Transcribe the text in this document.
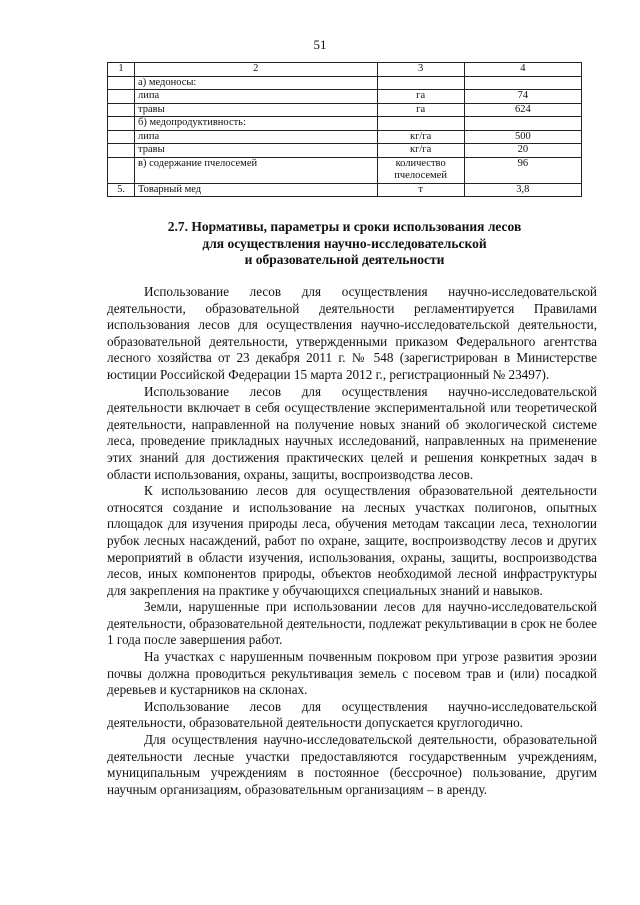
51
1	2	3	4
	а) медоносы:		
	липа	га	74
	травы	га	624
	б) медопродуктивность:		
	липа	кг/га	500
	травы	кг/га	20
	в) содержание пчелосемей	количество пчелосемей	96
5.	Товарный мед	т	3,8
2.7. Нормативы, параметры и сроки использования лесов
для осуществления научно-исследовательской
и образовательной деятельности

Использование лесов для осуществления научно-исследовательской деятельности, образовательной деятельности регламентируется Правилами использования лесов для осуществления научно-исследовательской деятельности, образовательной деятельности, утвержденными приказом Федерального агентства лесного хозяйства от 23 декабря 2011 г. № 548 (зарегистрирован в Министерстве юстиции Российской Федерации 15 марта 2012 г., регистрационный № 23497).

Использование лесов для осуществления научно-исследовательской деятельности включает в себя осуществление экспериментальной или теоретической деятельности, направленной на получение новых знаний об экологической системе леса, проведение прикладных научных исследований, направленных на применение этих знаний для достижения практических целей и решения конкретных задач в области использования, охраны, защиты, воспроизводства лесов.

К использованию лесов для осуществления образовательной деятельности относятся создание и использование на лесных участках полигонов, опытных площадок для изучения природы леса, обучения методам таксации леса, технологии рубок лесных насаждений, работ по охране, защите, воспроизводству лесов и других мероприятий в области изучения, использования, охраны, защиты, воспроизводства лесов, иных компонентов природы, объектов необходимой лесной инфраструктуры для закрепления на практике у обучающихся специальных знаний и навыков.

Земли, нарушенные при использовании лесов для научно-исследовательской деятельности, образовательной деятельности, подлежат рекультивации в срок не более 1 года после завершения работ.

На участках с нарушенным почвенным покровом при угрозе развития эрозии почвы должна проводиться рекультивация земель с посевом трав и (или) посадкой деревьев и кустарников на склонах.

Использование лесов для осуществления научно-исследовательской деятельности, образовательной деятельности допускается круглогодично.

Для осуществления научно-исследовательской деятельности, образовательной деятельности лесные участки предоставляются государственным учреждениям, муниципальным учреждениям в постоянное (бессрочное) пользование, другим научным организациям, образовательным организациям – в аренду.
